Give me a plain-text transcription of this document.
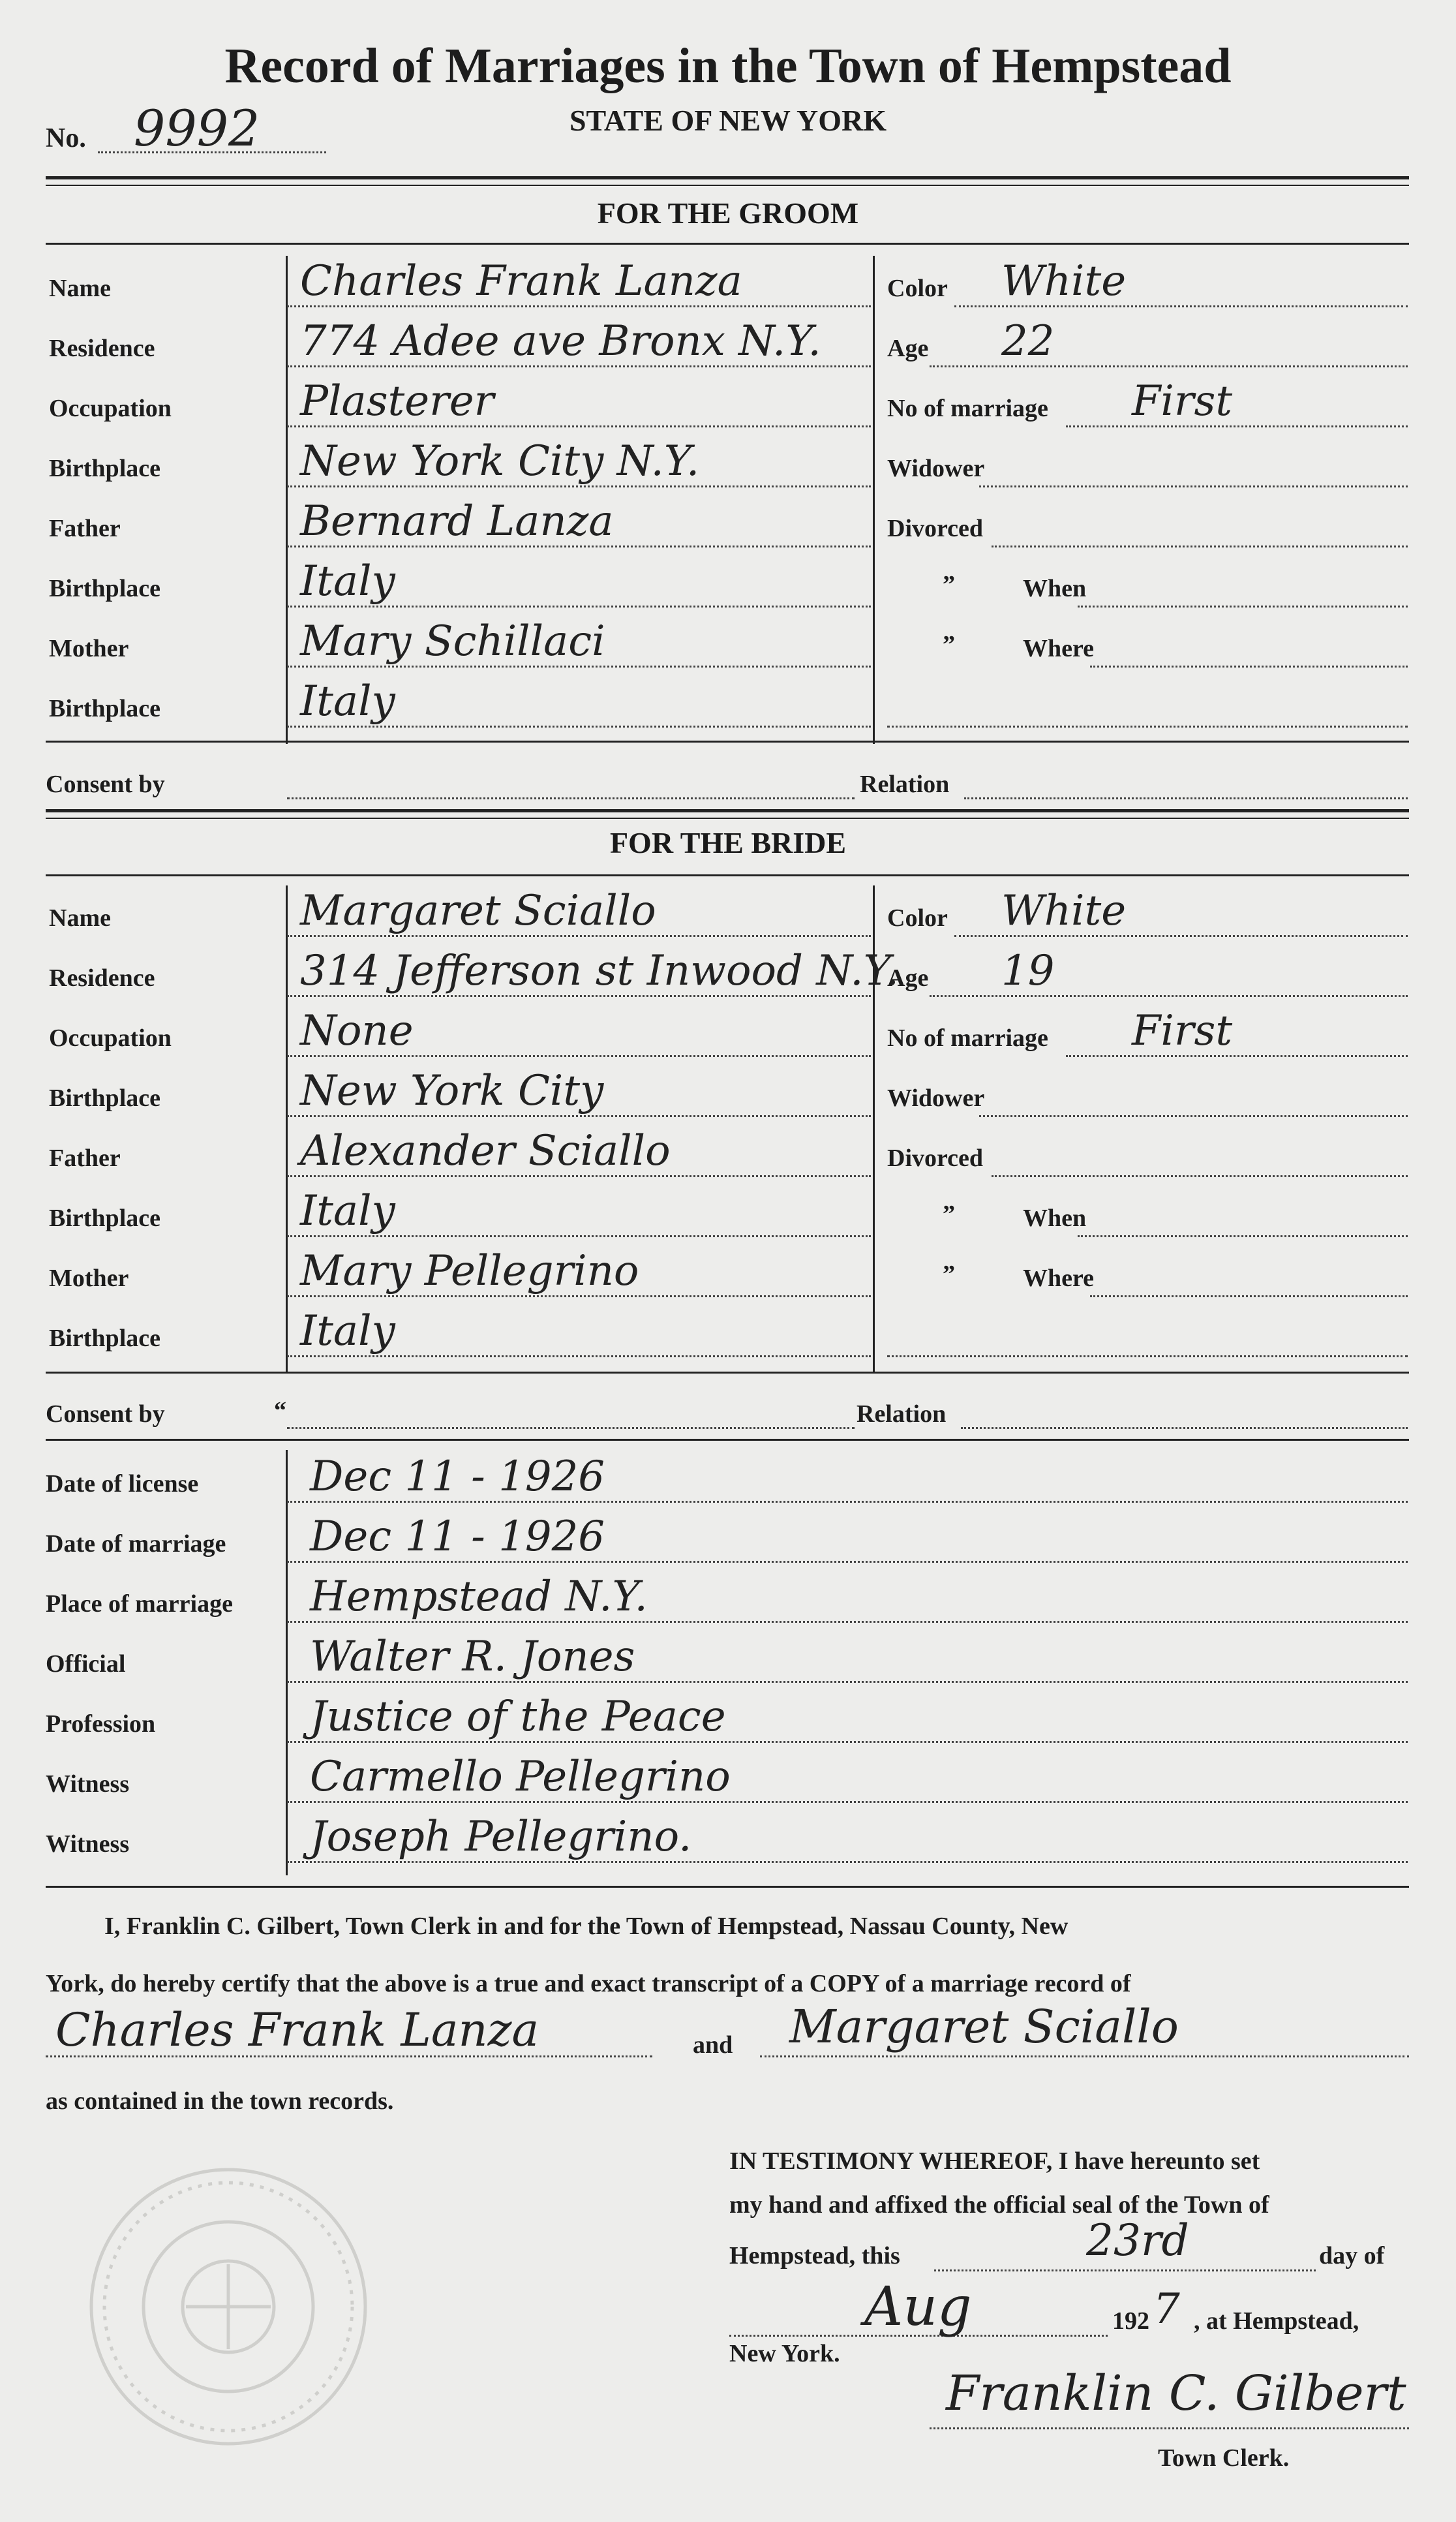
Record of Marriages in the Town of Hempstead
STATE OF NEW YORK
No. 9992
FOR THE GROOM
Consent by	Relation
FOR THE BRIDE
Consent by	“	Relation
I, Franklin C. Gilbert, Town Clerk in and for the Town of Hempstead, Nassau County, New
York, do hereby certify that the above is a true and exact transcript of a COPY of a marriage record of
Charles Frank Lanza	and Margaret Sciallo
as contained in the town records.
IN TESTIMONY WHEREOF, I have hereunto set
my hand and affixed the official seal of the Town of
Hempstead, this	23rd	day of
Aug	192 7 , at Hempstead,
New York.
Franklin C. Gilbert
Town Clerk.
Name	Charles Frank Lanza
Residence	774 Adee ave Bronx N.Y.
Occupation	Plasterer
Birthplace	New York City N.Y.
Father	Bernard Lanza
Birthplace	Italy
Mother	Mary Schillaci
Birthplace	Italy
Color White
Age 22
No of marriage First
Widower
Divorced
”	When
”	Where
Name	Margaret Sciallo
Residence	314 Jefferson st Inwood N.Y.
Occupation	None
Birthplace	New York City
Father	Alexander Sciallo
Birthplace	Italy
Mother	Mary Pellegrino
Birthplace	Italy
Color White
Age 19
No of marriage First
Widower
Divorced
”	When
”	Where
Date of license	Dec 11 - 1926
Date of marriage Dec 11 - 1926
Place of marriage Hempstead N.Y.
Official	Walter R. Jones
Profession	Justice of the Peace
Witness	Carmello Pellegrino
Witness	Joseph Pellegrino.
